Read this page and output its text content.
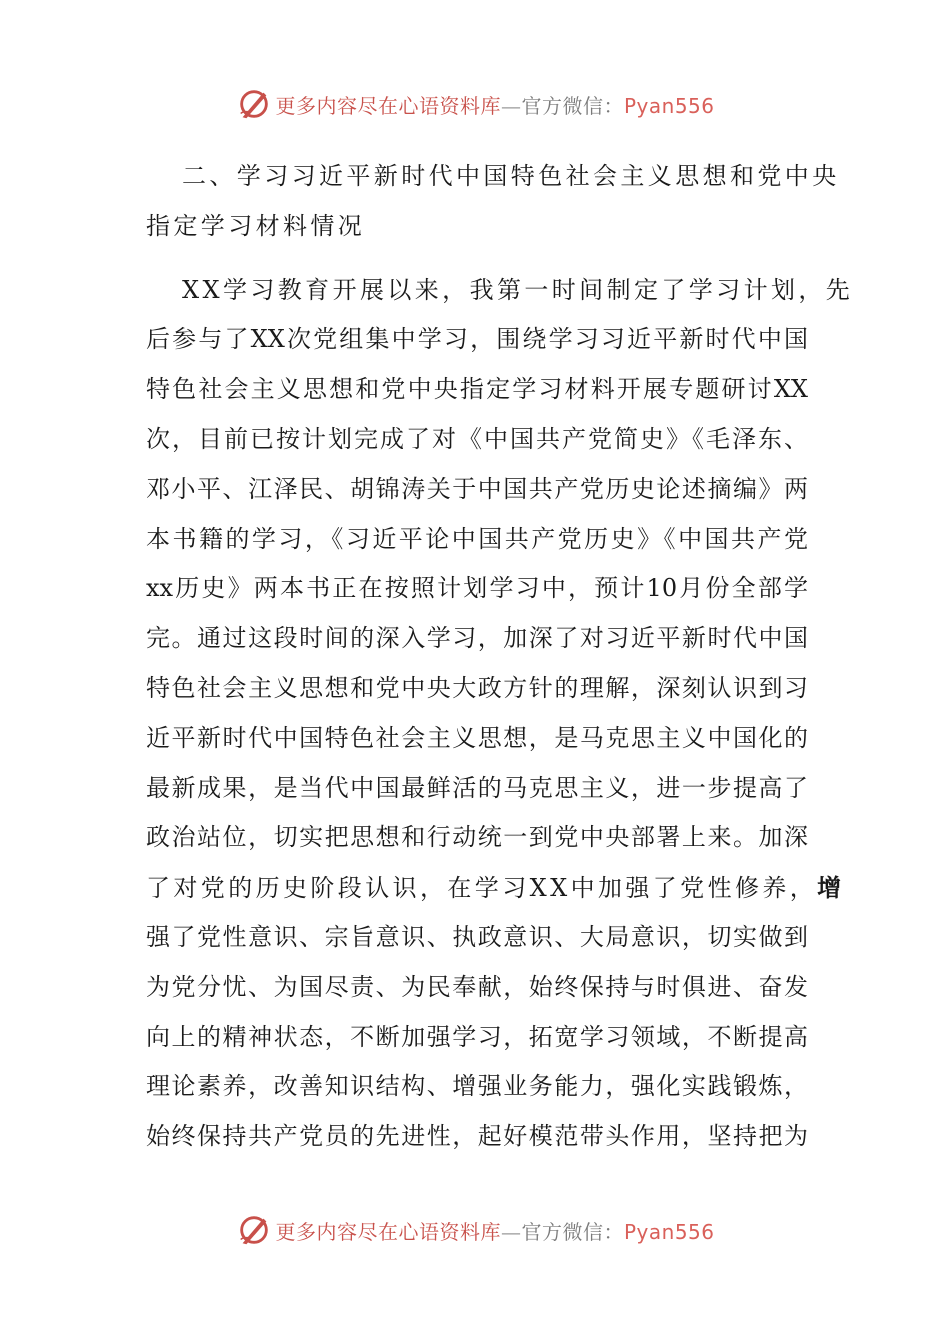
更多内容尽在心语资料库—官方微信：Pyan556
二、学习习近平新时代中国特色社会主义思想和党中央
指定学习材料情况
XX学习教育开展以来，我第一时间制定了学习计划，先
后参与了XX次党组集中学习，围绕学习习近平新时代中国
特色社会主义思想和党中央指定学习材料开展专题研讨XX
次，目前已按计划完成了对《中国共产党简史》《毛泽东、
邓小平、江泽民、胡锦涛关于中国共产党历史论述摘编》两
本书籍的学习，《习近平论中国共产党历史》《中国共产党
xx历史》两本书正在按照计划学习中，预计10月份全部学
完。通过这段时间的深入学习，加深了对习近平新时代中国
特色社会主义思想和党中央大政方针的理解，深刻认识到习
近平新时代中国特色社会主义思想，是马克思主义中国化的
最新成果，是当代中国最鲜活的马克思主义，进一步提高了
政治站位，切实把思想和行动统一到党中央部署上来。加深
了对党的历史阶段认识，在学习XX中加强了党性修养，增
强了党性意识、宗旨意识、执政意识、大局意识，切实做到
为党分忧、为国尽责、为民奉献，始终保持与时俱进、奋发
向上的精神状态，不断加强学习，拓宽学习领域，不断提高
理论素养，改善知识结构、增强业务能力，强化实践锻炼，
始终保持共产党员的先进性，起好模范带头作用，坚持把为
更多内容尽在心语资料库—官方微信：Pyan556
